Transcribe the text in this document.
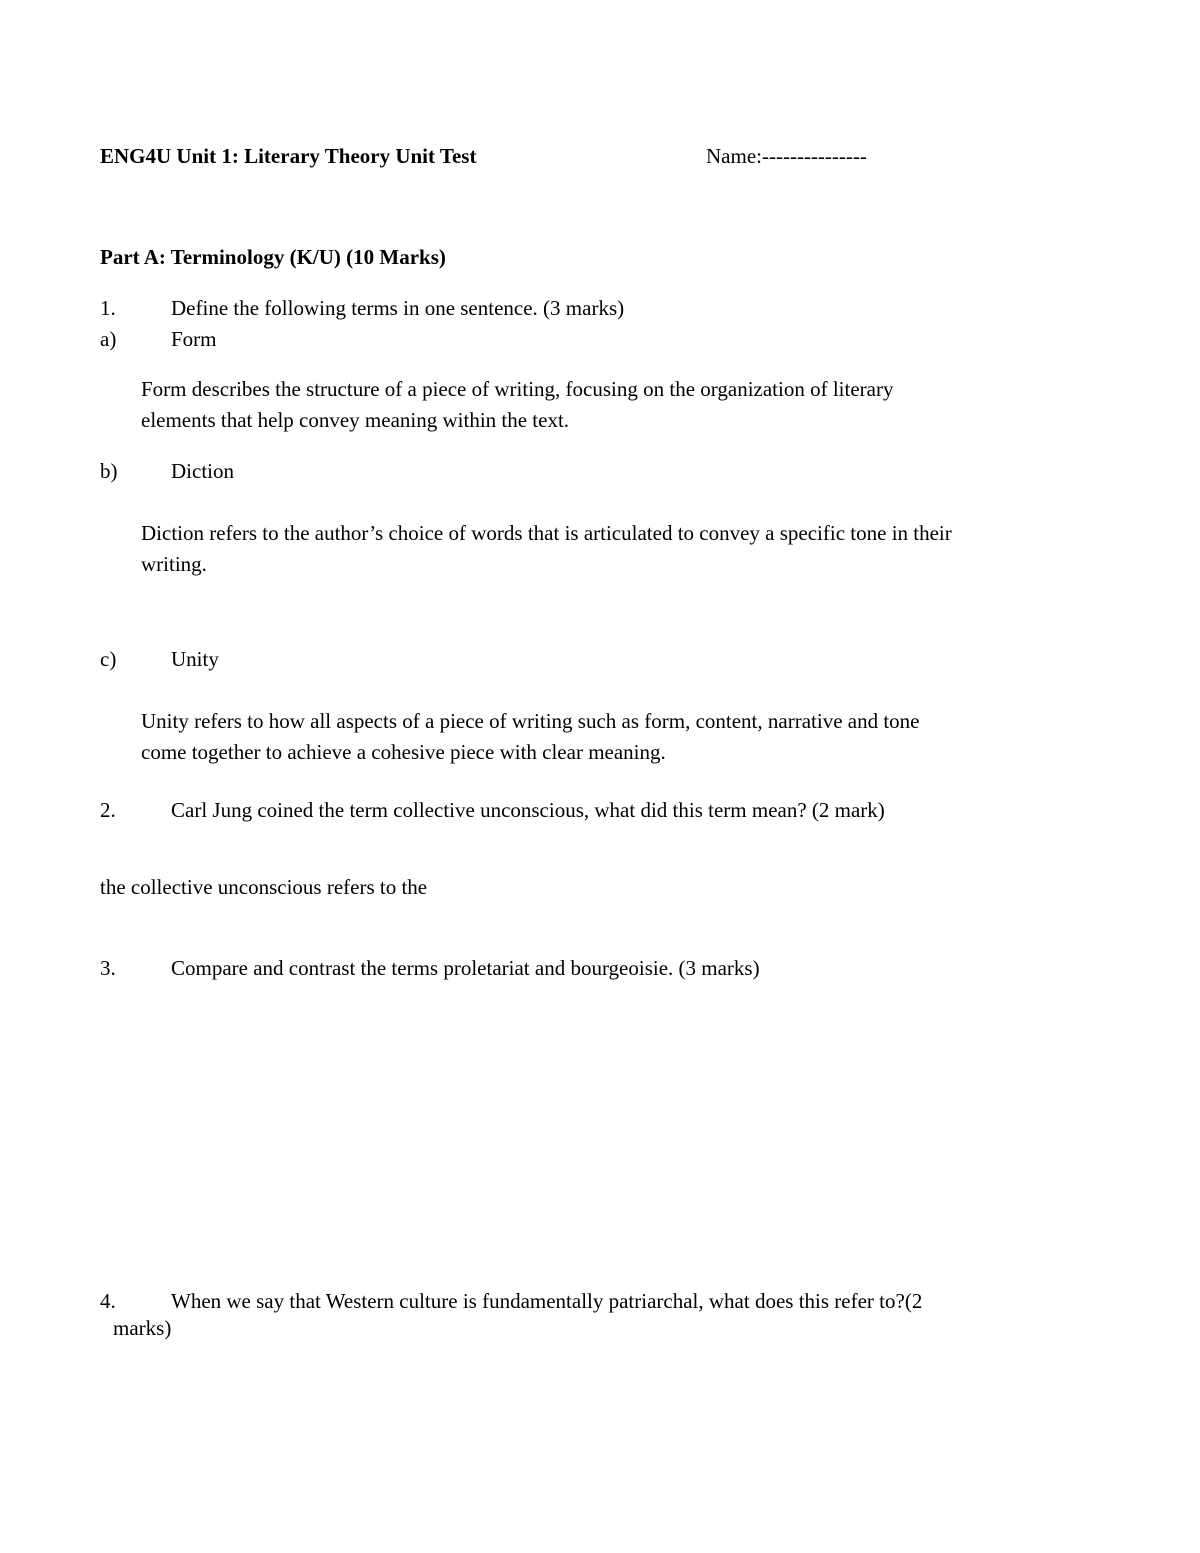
ENG4U Unit 1: Literary Theory Unit Test	Name:---------------
Part A: Terminology (K/U) (10 Marks)
1.	Define the following terms in one sentence. (3 marks)
a)	Form
Form describes the structure of a piece of writing, focusing on the organization of literary
elements that help convey meaning within the text.
b)	Diction
Diction refers to the author’s choice of words that is articulated to convey a specific tone in their
writing.
c)	Unity
Unity refers to how all aspects of a piece of writing such as form, content, narrative and tone
come together to achieve a cohesive piece with clear meaning.
2.	Carl Jung coined the term collective unconscious, what did this term mean? (2 mark)
the collective unconscious refers to the
3.	Compare and contrast the terms proletariat and bourgeoisie. (3 marks)
4.	When we say that Western culture is fundamentally patriarchal, what does this refer to?(2
marks)
